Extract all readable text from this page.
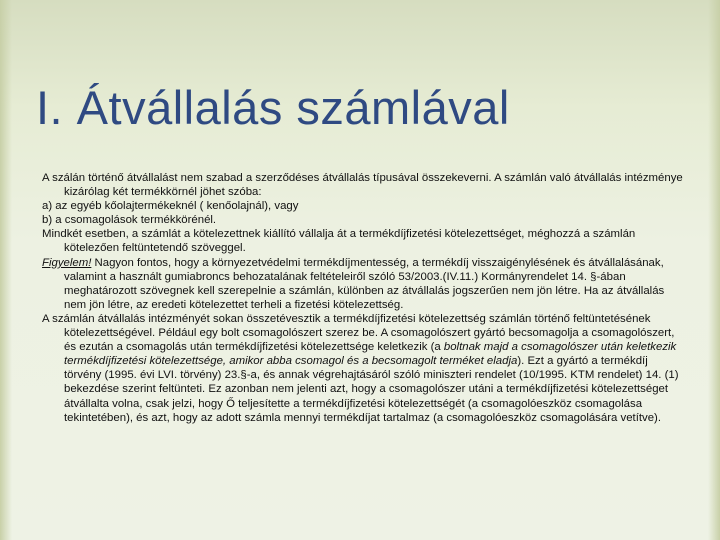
I. Átvállalás számlával

A szálán történő átvállalást nem szabad a szerződéses átvállalás típusával összekeverni. A számlán való átvállalás intézménye kizárólag két termékkörnél jöhet szóba:

a) az egyéb kőolajtermékeknél ( kenőolajnál), vagy

b) a csomagolások termékkörénél.

Mindkét esetben, a számlát a kötelezettnek kiállító vállalja át a termékdíjfizetési kötelezettséget, méghozzá a számlán kötelezően feltüntetendő szöveggel.

Figyelem! Nagyon fontos, hogy a környezetvédelmi termékdíjmentesség, a termékdíj visszaigénylésének és átvállalásának, valamint a használt gumiabroncs behozatalának feltételeiről szóló 53/2003.(IV.11.) Kormányrendelet 14. §-ában meghatározott szövegnek kell szerepelnie a számlán, különben az átvállalás jogszerűen nem jön létre. Ha az átvállalás nem jön létre, az eredeti kötelezettet terheli a fizetési kötelezettség.

A számlán átvállalás intézményét sokan összetévesztik a termékdíjfizetési kötelezettség számlán történő feltüntetésének kötelezettségével. Például egy bolt csomagolószert szerez be. A csomagolószert gyártó becsomagolja a csomagolószert, és ezután a csomagolás után termékdíjfizetési kötelezettsége keletkezik (a boltnak majd a csomagolószer után keletkezik termékdíjfizetési kötelezettsége, amikor abba csomagol és a becsomagolt terméket eladja). Ezt a gyártó a termékdíj törvény (1995. évi LVI. törvény) 23.§-a, és annak végrehajtásáról szóló miniszteri rendelet (10/1995. KTM rendelet) 14. (1) bekezdése szerint feltünteti. Ez azonban nem jelenti azt, hogy a csomagolószer utáni a termékdíjfizetési kötelezettséget átvállalta volna, csak jelzi, hogy Ő teljesítette a termékdíjfizetési kötelezettségét (a csomagolóeszköz csomagolása tekintetében), és azt, hogy az adott számla mennyi termékdíjat tartalmaz (a csomagolóeszköz csomagolására vetítve).
